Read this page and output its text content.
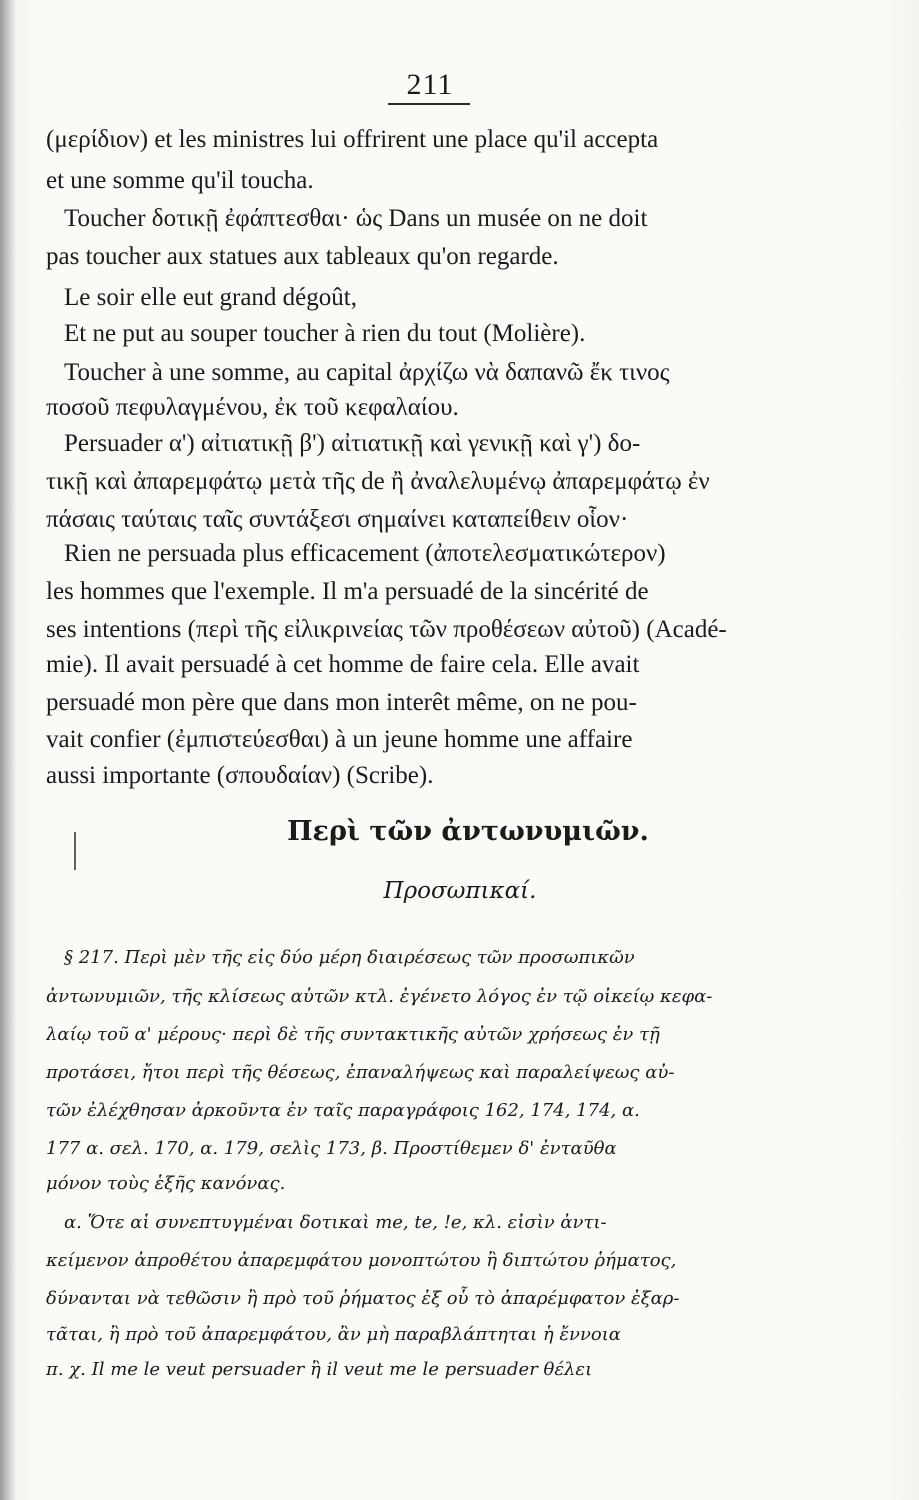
211
(μερίδιον) et les ministres lui offrirent une place qu'il accepta
et une somme qu'il toucha.
Toucher δοτικῇ ἐφάπτεσθαι· ὡς Dans un musée on ne doit
pas toucher aux statues aux tableaux qu'on regarde.
Le soir elle eut grand dégoût,
Et ne put au souper toucher à rien du tout (Molière).
Toucher à une somme, au capital ἀρχίζω νὰ δαπανῶ ἔκ τινος
ποσοῦ πεφυλαγμένου, ἐκ τοῦ κεφαλαίου.
Persuader α') αἰτιατικῇ β') αἰτιατικῇ καὶ γενικῇ καὶ γ') δο-
τικῇ καὶ ἀπαρεμφάτῳ μετὰ τῆς de ἢ ἀναλελυμένῳ ἀπαρεμφάτῳ ἐν
πάσαις ταύταις ταῖς συντάξεσι σημαίνει καταπείθειν οἷον·
Rien ne persuada plus efficacement (ἀποτελεσματικώτερον)
les hommes que l'exemple. Il m'a persuadé de la sincérité de
ses intentions (περὶ τῆς εἰλικρινείας τῶν προθέσεων αὐτοῦ) (Acadé-
mie). Il avait persuadé à cet homme de faire cela. Elle avait
persuadé mon père que dans mon interêt même, on ne pou-
vait confier (ἐμπιστεύεσθαι) à un jeune homme une affaire
aussi importante (σπουδαίαν) (Scribe).
Περὶ τῶν ἀντωνυμιῶν.
Προσωπικαί.
§ 217. Περὶ μὲν τῆς εἰς δύο μέρη διαιρέσεως τῶν προσωπικῶν
ἀντωνυμιῶν, τῆς κλίσεως αὐτῶν κτλ. ἐγένετο λόγος ἐν τῷ οἰκείῳ κεφα-
λαίῳ τοῦ α' μέρους· περὶ δὲ τῆς συντακτικῆς αὐτῶν χρήσεως ἐν τῇ
προτάσει, ἤτοι περὶ τῆς θέσεως, ἐπαναλήψεως καὶ παραλείψεως αὐ-
τῶν ἐλέχθησαν ἀρκοῦντα ἐν ταῖς παραγράφοις 162, 174, 174, α.
177 α. σελ. 170, α. 179, σελὶς 173, β. Προστίθεμεν δ' ἐνταῦθα
μόνον τοὺς ἑξῆς κανόνας.
α. Ὅτε αἱ συνεπτυγμέναι δοτικαὶ me, te, !e, κλ. εἰσὶν ἀντι-
κείμενον ἀπροθέτου ἀπαρεμφάτου μονοπτώτου ἢ διπτώτου ῥήματος,
δύνανται νὰ τεθῶσιν ἢ πρὸ τοῦ ῥήματος ἐξ οὗ τὸ ἀπαρέμφατον ἐξαρ-
τᾶται, ἢ πρὸ τοῦ ἀπαρεμφάτου, ἂν μὴ παραβλάπτηται ἡ ἔννοια
π. χ. Il me le veut persuader ἢ il veut me le persuader θέλει
